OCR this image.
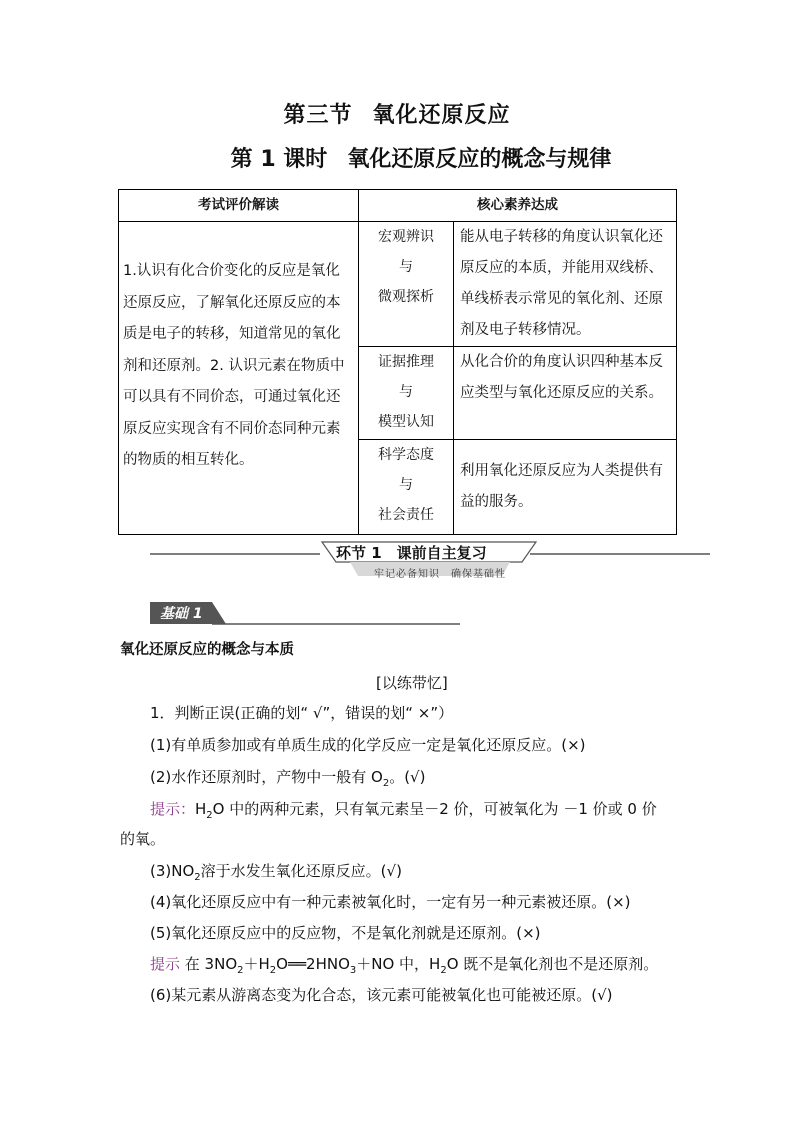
第三节 氧化还原反应
第 1 课时 氧化还原反应的概念与规律
考试评价解读	核心素养达成	
1.认识有化合价变化的反应是氧化还原反应，了解氧化还原反应的本质是电子的转移，知道常见的氧化剂和还原剂。2. 认识元素在物质中可以具有不同价态，可通过氧化还原反应实现含有不同价态同种元素的物质的相互转化。	宏观辨识
与
微观探析	能从电子转移的角度认识氧化还原反应的本质，并能用双线桥、单线桥表示常见的氧化剂、还原剂及电子转移情况。

	证据推理
与
模型认知	从化合价的角度认识四种基本反应类型与氧化还原反应的关系。

	科学态度
与
社会责任	利用氧化还原反应为人类提供有益的服务。
环节 1　课前自主复习
牢记必备知识　确保基础性
基础 1
氧化还原反应的概念与本质
[以练带忆]
1．判断正误(正确的划“ √”，错误的划“ ×”）
(1)有单质参加或有单质生成的化学反应一定是氧化还原反应。(×)
(2)水作还原剂时，产物中一般有 $O_2$。(√)
提示：$H_2O$ 中的两种元素，只有氧元素呈－2 价，可被氧化为 －1 价或 0 价
的氧。
$(3)NO_2$溶于水发生氧化还原反应。(√)
(4)氧化还原反应中有一种元素被氧化时，一定有另一种元素被还原。(×)
(5)氧化还原反应中的反应物，不是氧化剂就是还原剂。(×)
提示 在 $3NO_2+H_2O══2HNO_3+NO$ 中，$H_2O$ 既不是氧化剂也不是还原剂。
(6)某元素从游离态变为化合态，该元素可能被氧化也可能被还原。(√)
